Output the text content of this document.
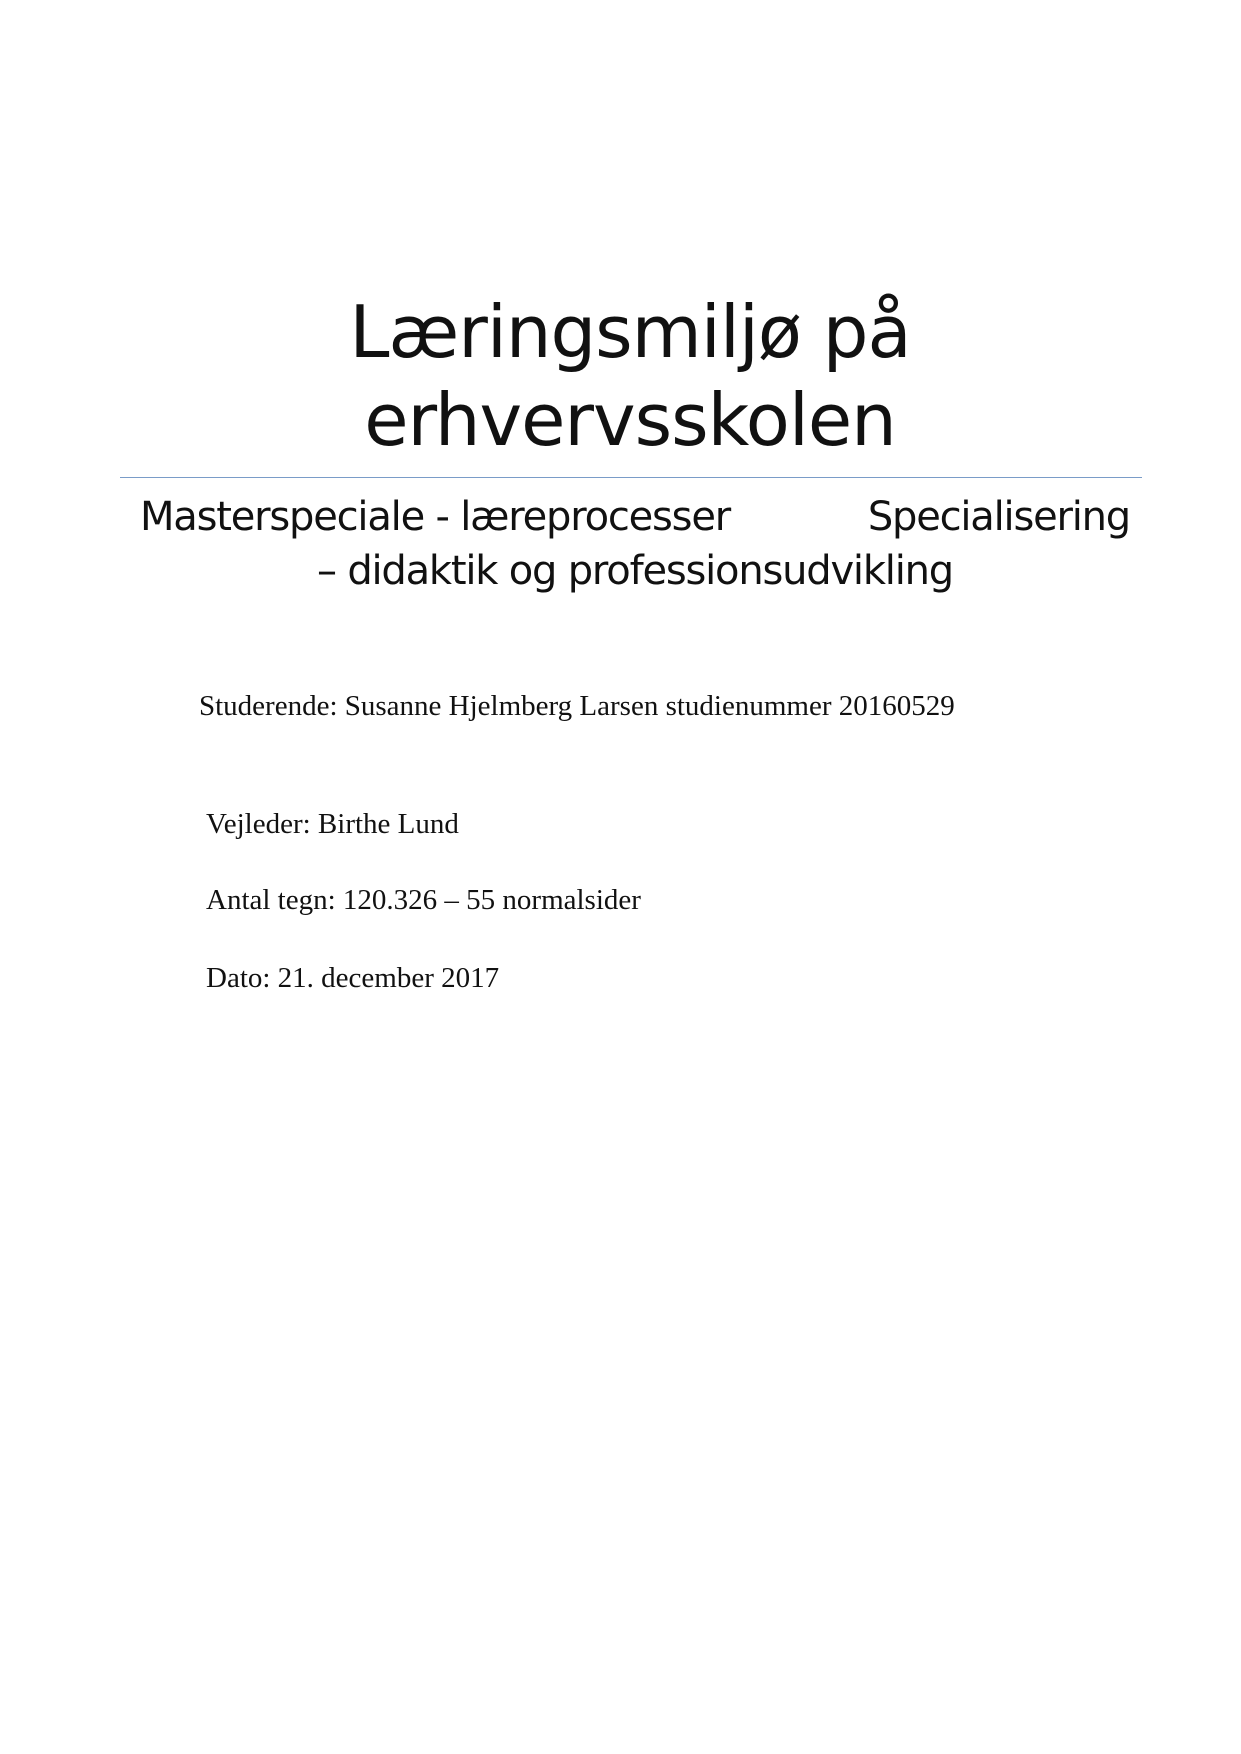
Læringsmiljø på
erhvervsskolen
Masterspeciale - læreprocesser	Specialisering
– didaktik og professionsudvikling
Studerende: Susanne Hjelmberg Larsen studienummer 20160529
Vejleder: Birthe Lund
Antal tegn: 120.326 – 55 normalsider
Dato: 21. december 2017
